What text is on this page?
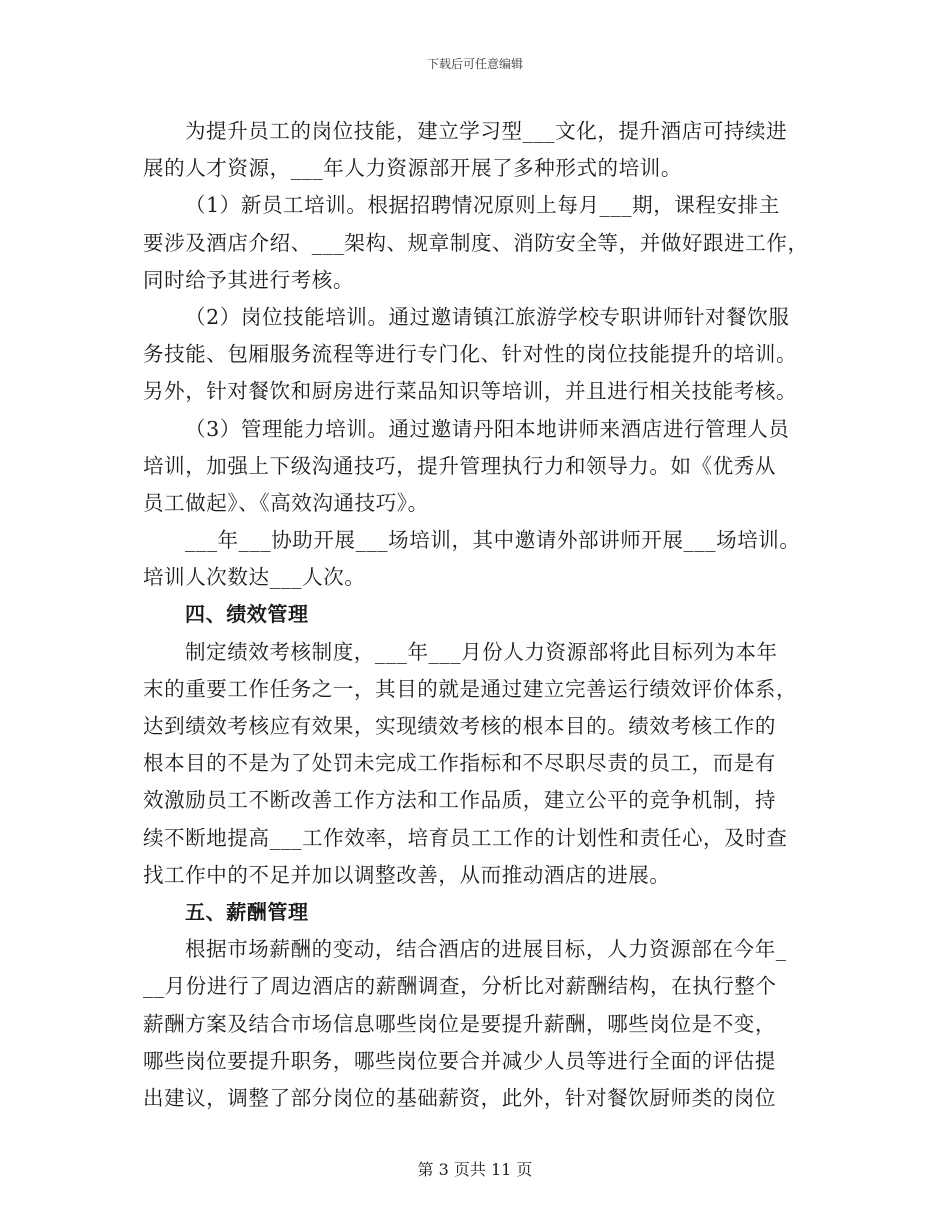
下载后可任意编辑
为提升员工的岗位技能，建立学习型___文化，提升酒店可持续进
展的人才资源，___年人力资源部开展了多种形式的培训。
（1）新员工培训。根据招聘情况原则上每月___期，课程安排主
要涉及酒店介绍、___架构、规章制度、消防安全等，并做好跟进工作，
同时给予其进行考核。
（2）岗位技能培训。通过邀请镇江旅游学校专职讲师针对餐饮服
务技能、包厢服务流程等进行专门化、针对性的岗位技能提升的培训。
另外，针对餐饮和厨房进行菜品知识等培训，并且进行相关技能考核。
（3）管理能力培训。通过邀请丹阳本地讲师来酒店进行管理人员
培训，加强上下级沟通技巧，提升管理执行力和领导力。如《优秀从
员工做起》、《高效沟通技巧》。
___年___协助开展___场培训，其中邀请外部讲师开展___场培训。
培训人次数达___人次。
四、绩效管理
制定绩效考核制度，___年___月份人力资源部将此目标列为本年
末的重要工作任务之一，其目的就是通过建立完善运行绩效评价体系，
达到绩效考核应有效果，实现绩效考核的根本目的。绩效考核工作的
根本目的不是为了处罚未完成工作指标和不尽职尽责的员工，而是有
效激励员工不断改善工作方法和工作品质，建立公平的竞争机制，持
续不断地提高___工作效率，培育员工工作的计划性和责任心，及时查
找工作中的不足并加以调整改善，从而推动酒店的进展。
五、薪酬管理
根据市场薪酬的变动，结合酒店的进展目标，人力资源部在今年_
__月份进行了周边酒店的薪酬调查，分析比对薪酬结构，在执行整个
薪酬方案及结合市场信息哪些岗位是要提升薪酬，哪些岗位是不变，
哪些岗位要提升职务，哪些岗位要合并减少人员等进行全面的评估提
出建议，调整了部分岗位的基础薪资，此外，针对餐饮厨师类的岗位
第 3 页共 11 页
